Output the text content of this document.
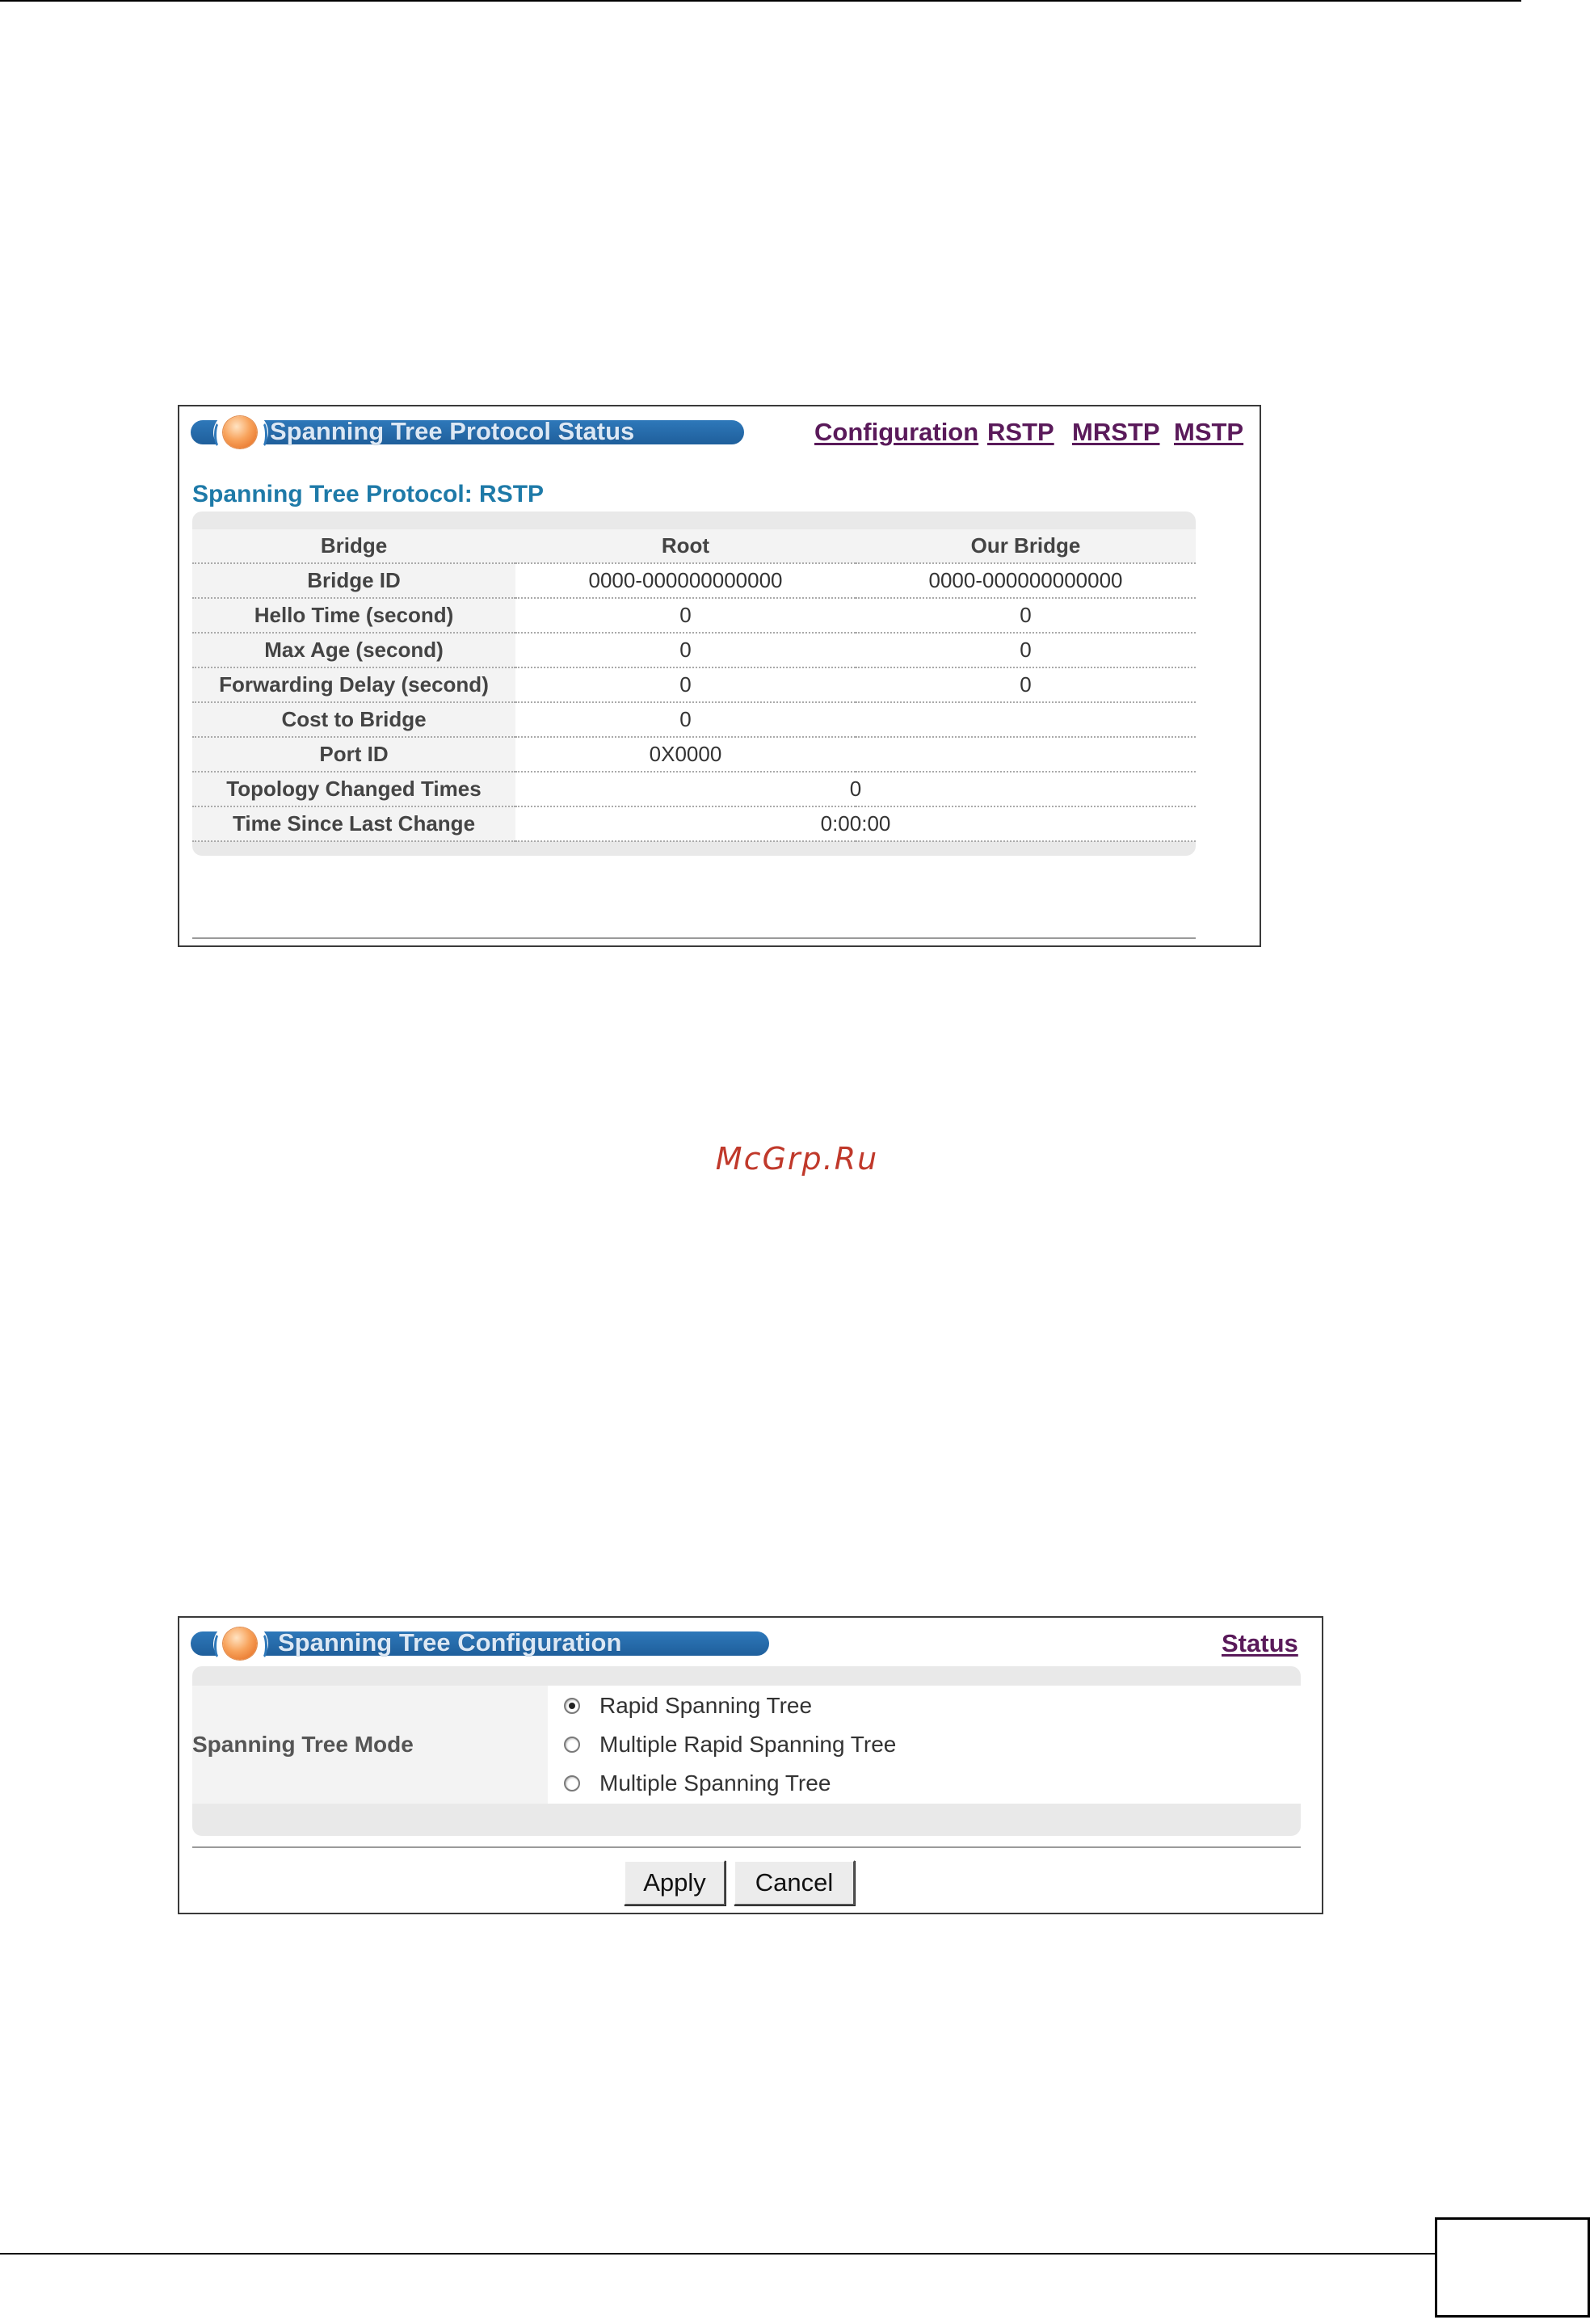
Spanning Tree Protocol Status	Configuration RSTP MRSTP MSTP
Spanning Tree Protocol: RSTP
Bridge	Root	Our Bridge
Bridge ID	0000-000000000000	0000-000000000000
Hello Time (second)	0	0
Max Age (second)	0	0
Forwarding Delay (second)	0	0
Cost to Bridge	0	
Port ID	0X0000	
Topology Changed Times	0	
Time Since Last Change	0:00:00	
McGrp.Ru
Spanning Tree Configuration	Status
Spanning Tree Mode
Rapid Spanning Tree
Multiple Rapid Spanning Tree
Multiple Spanning Tree
Apply	Cancel
